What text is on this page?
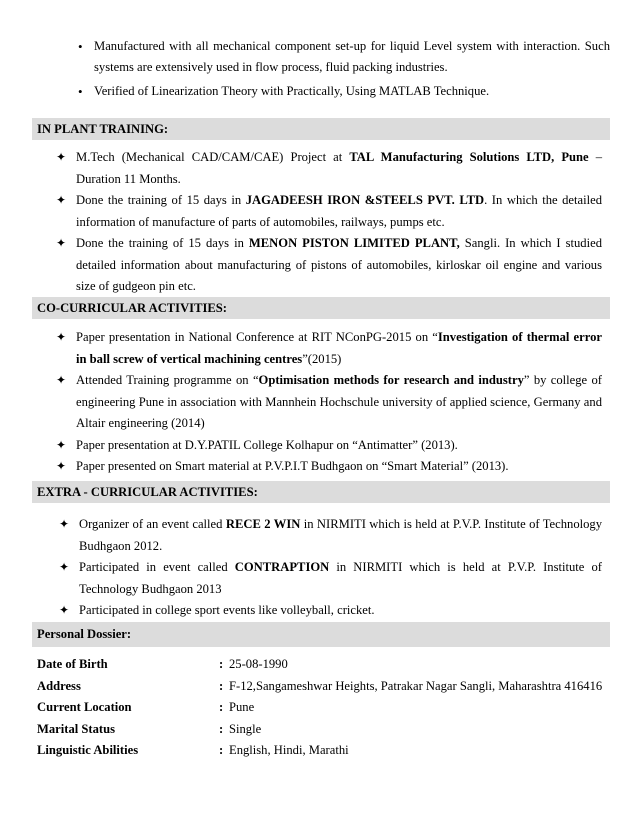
• Manufactured with all mechanical component set-up for liquid Level system with interaction. Such systems are extensively used in flow process, fluid packing industries.
• Verified of Linearization Theory with Practically, Using MATLAB Technique.
IN PLANT TRAINING:
✦ M.Tech (Mechanical CAD/CAM/CAE) Project at TAL Manufacturing Solutions LTD, Pune – Duration 11 Months.
✦ Done the training of 15 days in JAGADEESH IRON &STEELS PVT. LTD. In which the detailed information of manufacture of parts of automobiles, railways, pumps etc.
✦ Done the training of 15 days in MENON PISTON LIMITED PLANT, Sangli. In which I studied detailed information about manufacturing of pistons of automobiles, kirloskar oil engine and various size of gudgeon pin etc.
CO-CURRICULAR ACTIVITIES:
✦ Paper presentation in National Conference at RIT NConPG-2015 on “Investigation of thermal error in ball screw of vertical machining centres”(2015)
✦ Attended Training programme on “Optimisation methods for research and industry” by college of engineering Pune in association with Mannhein Hochschule university of applied science, Germany and Altair engineering (2014)
✦ Paper presentation at D.Y.PATIL College Kolhapur on “Antimatter” (2013).
✦ Paper presented on Smart material at P.V.P.I.T Budhgaon on “Smart Material” (2013).
EXTRA - CURRICULAR ACTIVITIES:
✦ Organizer of an event called RECE 2 WIN in NIRMITI which is held at P.V.P. Institute of Technology Budhgaon 2012.
✦ Participated in event called CONTRAPTION in NIRMITI which is held at P.V.P. Institute of Technology Budhgaon 2013
✦ Participated in college sport events like volleyball, cricket.
Personal Dossier:
Date of Birth	:	25-08-1990
Address	:	F-12,Sangameshwar Heights, Patrakar Nagar Sangli, Maharashtra 416416
Current Location	:	Pune
Marital Status	:	Single
Linguistic Abilities	:	English, Hindi, Marathi
